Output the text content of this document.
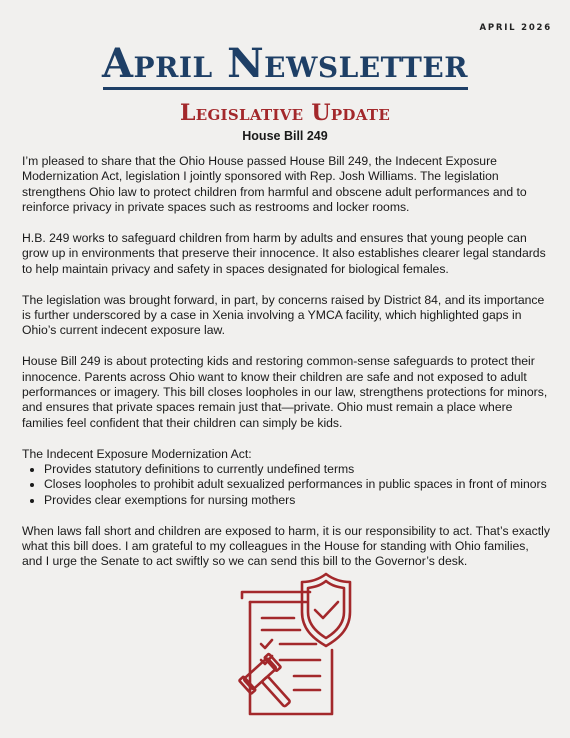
APRIL 2026
April Newsletter
Legislative Update
House Bill 249

I’m pleased to share that the Ohio House passed House Bill 249, the Indecent Exposure Modernization Act, legislation I jointly sponsored with Rep. Josh Williams. The legislation strengthens Ohio law to protect children from harmful and obscene adult performances and to reinforce privacy in private spaces such as restrooms and locker rooms.

H.B. 249 works to safeguard children from harm by adults and ensures that young people can grow up in environments that preserve their innocence. It also establishes clearer legal standards to help maintain privacy and safety in spaces designated for biological females.

The legislation was brought forward, in part, by concerns raised by District 84, and its importance is further underscored by a case in Xenia involving a YMCA facility, which highlighted gaps in Ohio’s current indecent exposure law.

House Bill 249 is about protecting kids and restoring common-sense safeguards to protect their innocence. Parents across Ohio want to know their children are safe and not exposed to adult performances or imagery. This bill closes loopholes in our law, strengthens protections for minors, and ensures that private spaces remain just that—private. Ohio must remain a place where families feel confident that their children can simply be kids.

The Indecent Exposure Modernization Act:
• Provides statutory definitions to currently undefined terms
• Closes loopholes to prohibit adult sexualized performances in public spaces in front of minors
• Provides clear exemptions for nursing mothers

When laws fall short and children are exposed to harm, it is our responsibility to act. That’s exactly what this bill does. I am grateful to my colleagues in the House for standing with Ohio families, and I urge the Senate to act swiftly so we can send this bill to the Governor’s desk.
